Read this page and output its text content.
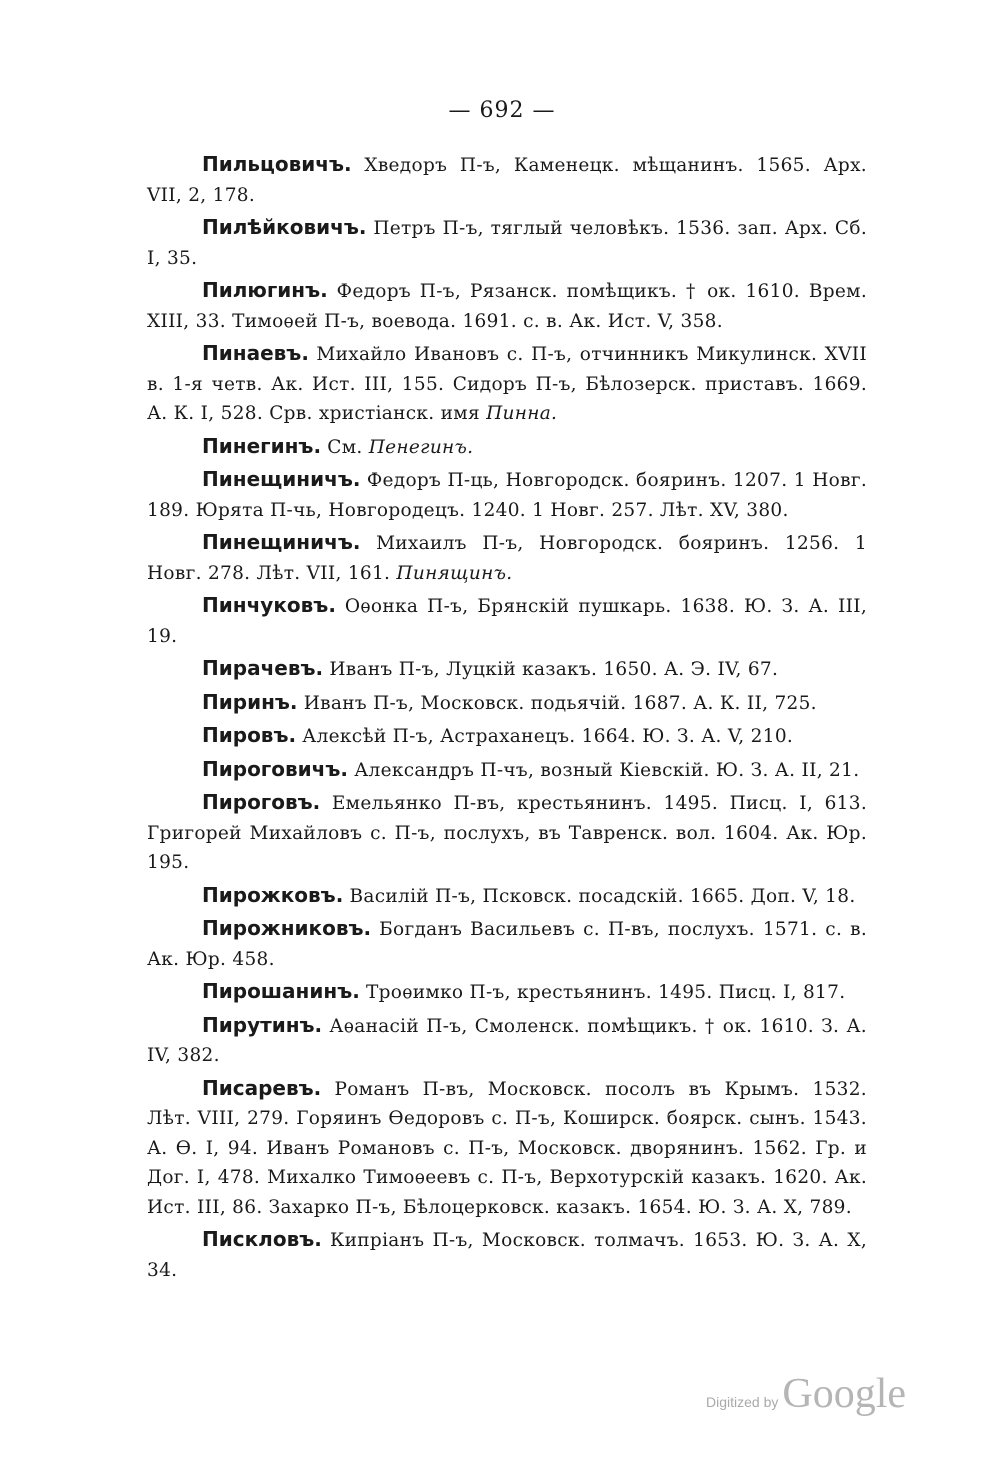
— 692 —

Пильцовичъ. Хведоръ П-ъ, Каменецк. мѣщанинъ. 1565. Арх. VII, 2, 178.

Пилѣйковичъ. Петръ П-ъ, тяглый человѣкъ. 1536. зап. Арх. Сб. I, 35.

Пилюгинъ. Федоръ П-ъ, Рязанск. помѣщикъ. † ок. 1610. Врем. XIII, 33. Тимоѳей П-ъ, воевода. 1691. с. в. Ак. Ист. V, 358.

Пинаевъ. Михайло Ивановъ с. П-ъ, отчинникъ Микулинск. XVII в. 1-я четв. Ак. Ист. III, 155. Сидоръ П-ъ, Бѣлозерск. приставъ. 1669. А. К. I, 528. Срв. христіанск. имя Пинна.

Пинегинъ. См. Пенегинъ.

Пинещиничъ. Федоръ П-ць, Новгородск. бояринъ. 1207. 1 Новг. 189. Юрята П-чь, Новгородецъ. 1240. 1 Новг. 257. Лѣт. XV, 380.

Пинещиничъ. Михаилъ П-ъ, Новгородск. бояринъ. 1256. 1 Новг. 278. Лѣт. VII, 161. Пинящинъ.

Пинчуковъ. Оѳонка П-ъ, Брянскій пушкарь. 1638. Ю. З. А. III, 19.

Пирачевъ. Иванъ П-ъ, Луцкій казакъ. 1650. А. Э. IV, 67.

Пиринъ. Иванъ П-ъ, Московск. подьячій. 1687. А. К. II, 725.

Пировъ. Алексѣй П-ъ, Астраханецъ. 1664. Ю. З. А. V, 210.

Пироговичъ. Александръ П-чъ, возный Кіевскій. Ю. З. А. II, 21.

Пироговъ. Емельянко П-въ, крестьянинъ. 1495. Писц. I, 613. Григорей Михайловъ с. П-ъ, послухъ, въ Тавренск. вол. 1604. Ак. Юр. 195.

Пирожковъ. Василій П-ъ, Псковск. посадскій. 1665. Доп. V, 18.

Пирожниковъ. Богданъ Васильевъ с. П-въ, послухъ. 1571. с. в. Ак. Юр. 458.

Пирошанинъ. Троѳимко П-ъ, крестьянинъ. 1495. Писц. I, 817.

Пирутинъ. Аѳанасій П-ъ, Смоленск. помѣщикъ. † ок. 1610. З. А. IV, 382.

Писаревъ. Романъ П-въ, Московск. посолъ въ Крымъ. 1532. Лѣт. VIII, 279. Горяинъ Ѳедоровъ с. П-ъ, Коширск. боярск. сынъ. 1543. А. Ѳ. I, 94. Иванъ Романовъ с. П-ъ, Московск. дворянинъ. 1562. Гр. и Дог. I, 478. Михалко Тимоѳеевъ с. П-ъ, Верхотурскій казакъ. 1620. Ак. Ист. III, 86. Захарко П-ъ, Бѣлоцерковск. казакъ. 1654. Ю. З. А. X, 789.

Пискловъ. Кипріанъ П-ъ, Московск. толмачъ. 1653. Ю. З. А. X, 34.

Digitized byGoogle
